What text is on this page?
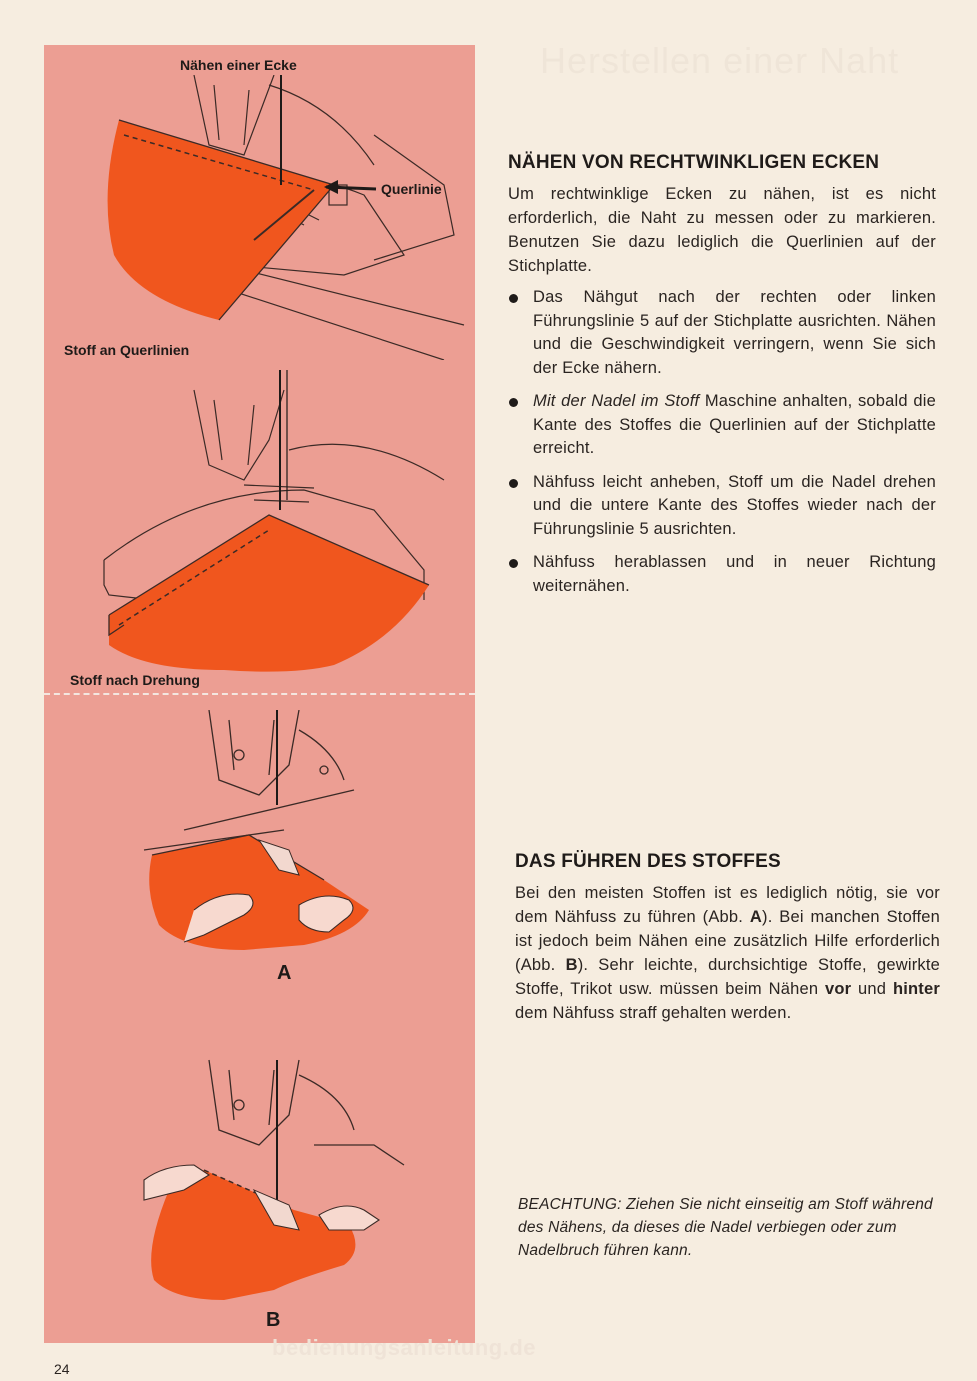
Herstellen einer Naht
Nähen einer Ecke
Querlinie
Stoff an Querlinien
Stoff nach Drehung
A
B
NÄHEN VON RECHTWINKLIGEN ECKEN

Um rechtwinklige Ecken zu nähen, ist es nicht erforderlich, die Naht zu messen oder zu markieren. Benutzen Sie dazu lediglich die Querlinien auf der Stichplatte.

Das Nähgut nach der rechten oder linken Führungslinie 5 auf der Stichplatte ausrichten. Nähen und die Geschwindigkeit verringern, wenn Sie sich der Ecke nähern.
Mit der Nadel im Stoff Maschine anhalten, sobald die Kante des Stoffes die Querlinien auf der Stichplatte erreicht.
Nähfuss leicht anheben, Stoff um die Nadel drehen und die untere Kante des Stoffes wieder nach der Führungslinie 5 ausrichten.
Nähfuss herablassen und in neuer Richtung weiternähen.
DAS FÜHREN DES STOFFES

Bei den meisten Stoffen ist es lediglich nötig, sie vor dem Nähfuss zu führen (Abb. A). Bei manchen Stoffen ist jedoch beim Nähen eine zusätzlich Hilfe erforderlich (Abb. B). Sehr leichte, durchsichtige Stoffe, gewirkte Stoffe, Trikot usw. müssen beim Nähen vor und hinter dem Nähfuss straff gehalten werden.

BEACHTUNG: Ziehen Sie nicht einseitig am Stoff während des Nähens, da dieses die Nadel verbiegen oder zum Nadelbruch führen kann.
bedienungsanleitung.de
24
